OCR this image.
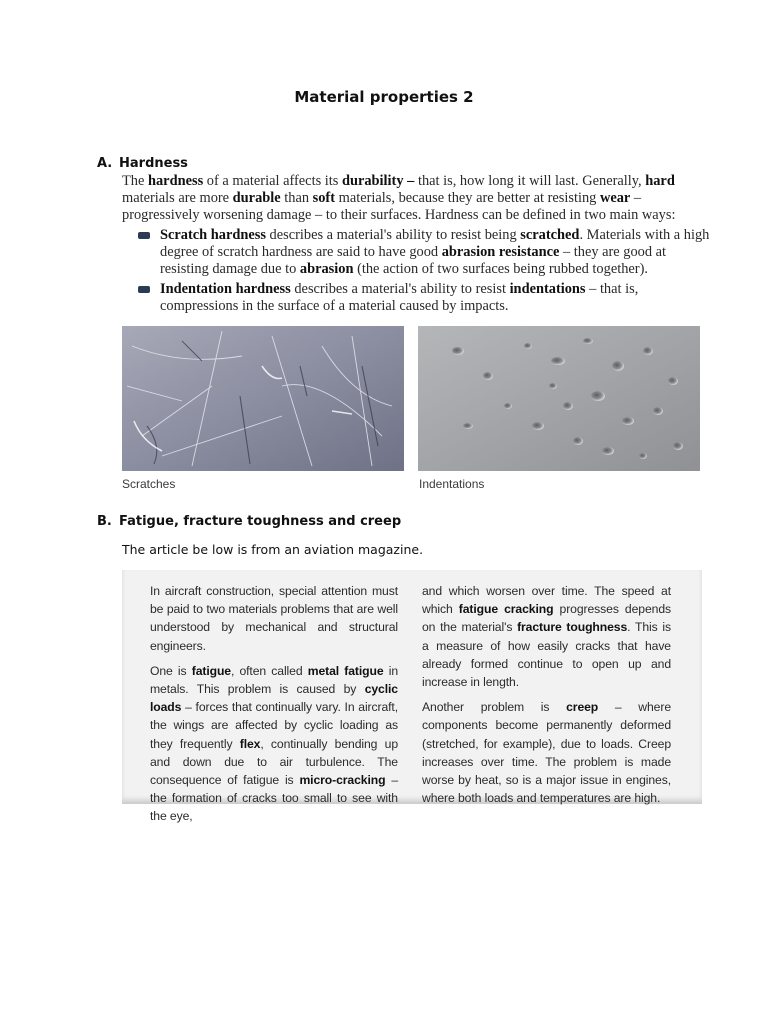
Material properties 2
A. Hardness
The hardness of a material affects its durability – that is, how long it will last. Generally, hard materials are more durable than soft materials, because they are better at resisting wear – progressively worsening damage – to their surfaces. Hardness can be defined in two main ways:
Scratch hardness describes a material's ability to resist being scratched. Materials with a high degree of scratch hardness are said to have good abrasion resistance – they are good at resisting damage due to abrasion (the action of two surfaces being rubbed together).
Indentation hardness describes a material's ability to resist indentations – that is, compressions in the surface of a material caused by impacts.
Scratches	Indentations
B. Fatigue, fracture toughness and creep
The article be low is from an aviation magazine.

In aircraft construction, special attention must be paid to two materials problems that are well understood by mechanical and structural engineers.

One is fatigue, often called metal fatigue in metals. This problem is caused by cyclic loads – forces that continually vary. In aircraft, the wings are affected by cyclic loading as they frequently flex, continually bending up and down due to air turbulence. The consequence of fatigue is micro-cracking – the formation of cracks too small to see with the eye,

and which worsen over time. The speed at which fatigue cracking progresses depends on the material's fracture toughness. This is a measure of how easily cracks that have already formed continue to open up and increase in length.

Another problem is creep – where components become permanently deformed (stretched, for example), due to loads. Creep increases over time. The problem is made worse by heat, so is a major issue in engines, where both loads and temperatures are high.
